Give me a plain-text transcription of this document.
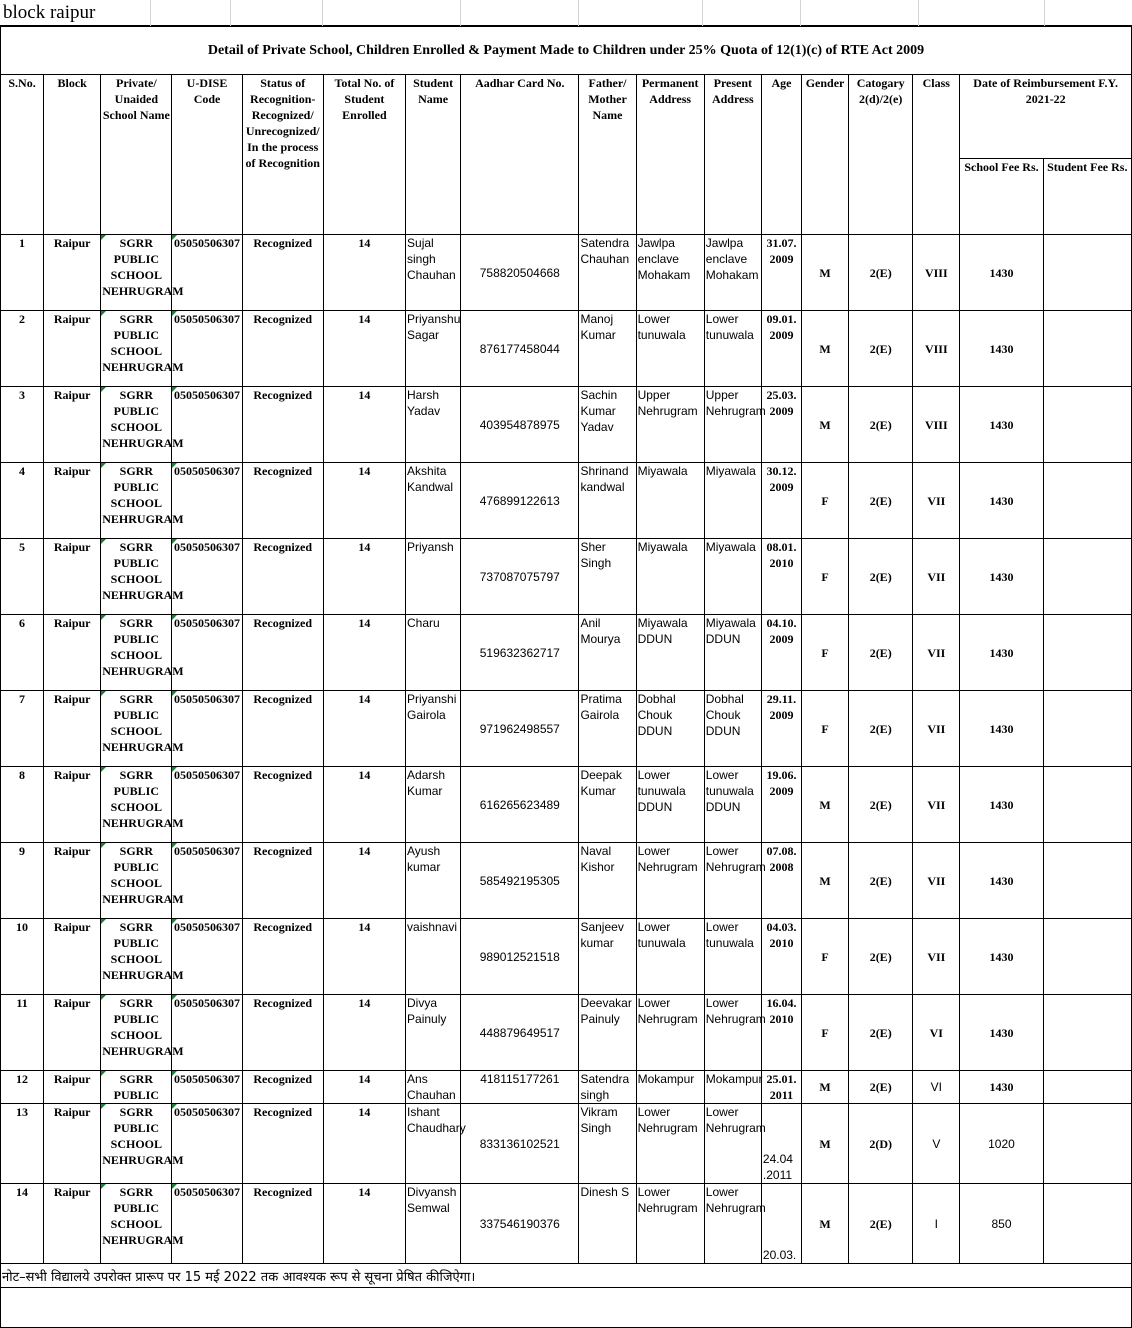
block raipur
Detail of Private School, Children Enrolled & Payment Made to Children under 25% Quota of 12(1)(c) of RTE Act 2009																
S.No.	Block	Private/ Unaided School Name	U-DISE Code	Status of Recognition- Recognized/ Unrecognized/ In the process of Recognition	Total No. of Student Enrolled	Student Name	Aadhar Card No.	Father/ Mother Name	Permanent Address	Present Address	Age	Gender	Catogary 2(d)/2(e)	Class	Date of Reimbursement F.Y. 2021-22	
															School Fee Rs.	Student Fee Rs.
1	Raipur	SGRR PUBLIC SCHOOL NEHRUGRAM	05050506307	Recognized	14	Sujal singh Chauhan	758820504668	Satendra Chauhan	Jawlpa enclave Mohakam	Jawlpa enclave Mohakam	31.07. 2009	M	2(E)	VIII	1430	
2	Raipur	SGRR PUBLIC SCHOOL NEHRUGRAM	05050506307	Recognized	14	Priyanshu Sagar	876177458044	Manoj Kumar	Lower tunuwala	Lower tunuwala	09.01. 2009	M	2(E)	VIII	1430	
3	Raipur	SGRR PUBLIC SCHOOL NEHRUGRAM	05050506307	Recognized	14	Harsh Yadav	403954878975	Sachin Kumar Yadav	Upper Nehrugram	Upper Nehrugram	25.03. 2009	M	2(E)	VIII	1430	
4	Raipur	SGRR PUBLIC SCHOOL NEHRUGRAM	05050506307	Recognized	14	Akshita Kandwal	476899122613	Shrinand kandwal	Miyawala	Miyawala	30.12. 2009	F	2(E)	VII	1430	
5	Raipur	SGRR PUBLIC SCHOOL NEHRUGRAM	05050506307	Recognized	14	Priyansh	737087075797	Sher Singh	Miyawala	Miyawala	08.01. 2010	F	2(E)	VII	1430	
6	Raipur	SGRR PUBLIC SCHOOL NEHRUGRAM	05050506307	Recognized	14	Charu	519632362717	Anil Mourya	Miyawala DDUN	Miyawala DDUN	04.10. 2009	F	2(E)	VII	1430	
7	Raipur	SGRR PUBLIC SCHOOL NEHRUGRAM	05050506307	Recognized	14	Priyanshi Gairola	971962498557	Pratima Gairola	Dobhal Chouk DDUN	Dobhal Chouk DDUN	29.11. 2009	F	2(E)	VII	1430	
8	Raipur	SGRR PUBLIC SCHOOL NEHRUGRAM	05050506307	Recognized	14	Adarsh Kumar	616265623489	Deepak Kumar	Lower tunuwala DDUN	Lower tunuwala DDUN	19.06. 2009	M	2(E)	VII	1430	
9	Raipur	SGRR PUBLIC SCHOOL NEHRUGRAM	05050506307	Recognized	14	Ayush kumar	585492195305	Naval Kishor	Lower Nehrugram	Lower Nehrugram	07.08. 2008	M	2(E)	VII	1430	
10	Raipur	SGRR PUBLIC SCHOOL NEHRUGRAM	05050506307	Recognized	14	vaishnavi	989012521518	Sanjeev kumar	Lower tunuwala	Lower tunuwala	04.03. 2010	F	2(E)	VII	1430	
11	Raipur	SGRR PUBLIC SCHOOL NEHRUGRAM	05050506307	Recognized	14	Divya Painuly	448879649517	Deevakar Painuly	Lower Nehrugram	Lower Nehrugram	16.04. 2010	F	2(E)	VI	1430	
12	Raipur	SGRR PUBLIC	05050506307	Recognized	14	Ans Chauhan	418115177261	Satendra singh	Mokampur	Mokampur	25.01. 2011	M	2(E)	VI	1430	
13	Raipur	SGRR PUBLIC SCHOOL NEHRUGRAM	05050506307	Recognized	14	Ishant Chaudhary	833136102521	Vikram Singh	Lower Nehrugram	Lower Nehrugram	24.04 .2011	M	2(D)	V	1020	
14	Raipur	SGRR PUBLIC SCHOOL NEHRUGRAM	05050506307	Recognized	14	Divyansh Semwal	337546190376	Dinesh S	Lower Nehrugram	Lower Nehrugram	20.03.	M	2(E)	I	850	
नोट–सभी विद्यालये उपरोक्त प्रारूप पर 15 मई 2022 तक आवश्यक रूप से सूचना प्रेषित कीजिऐगा।																
